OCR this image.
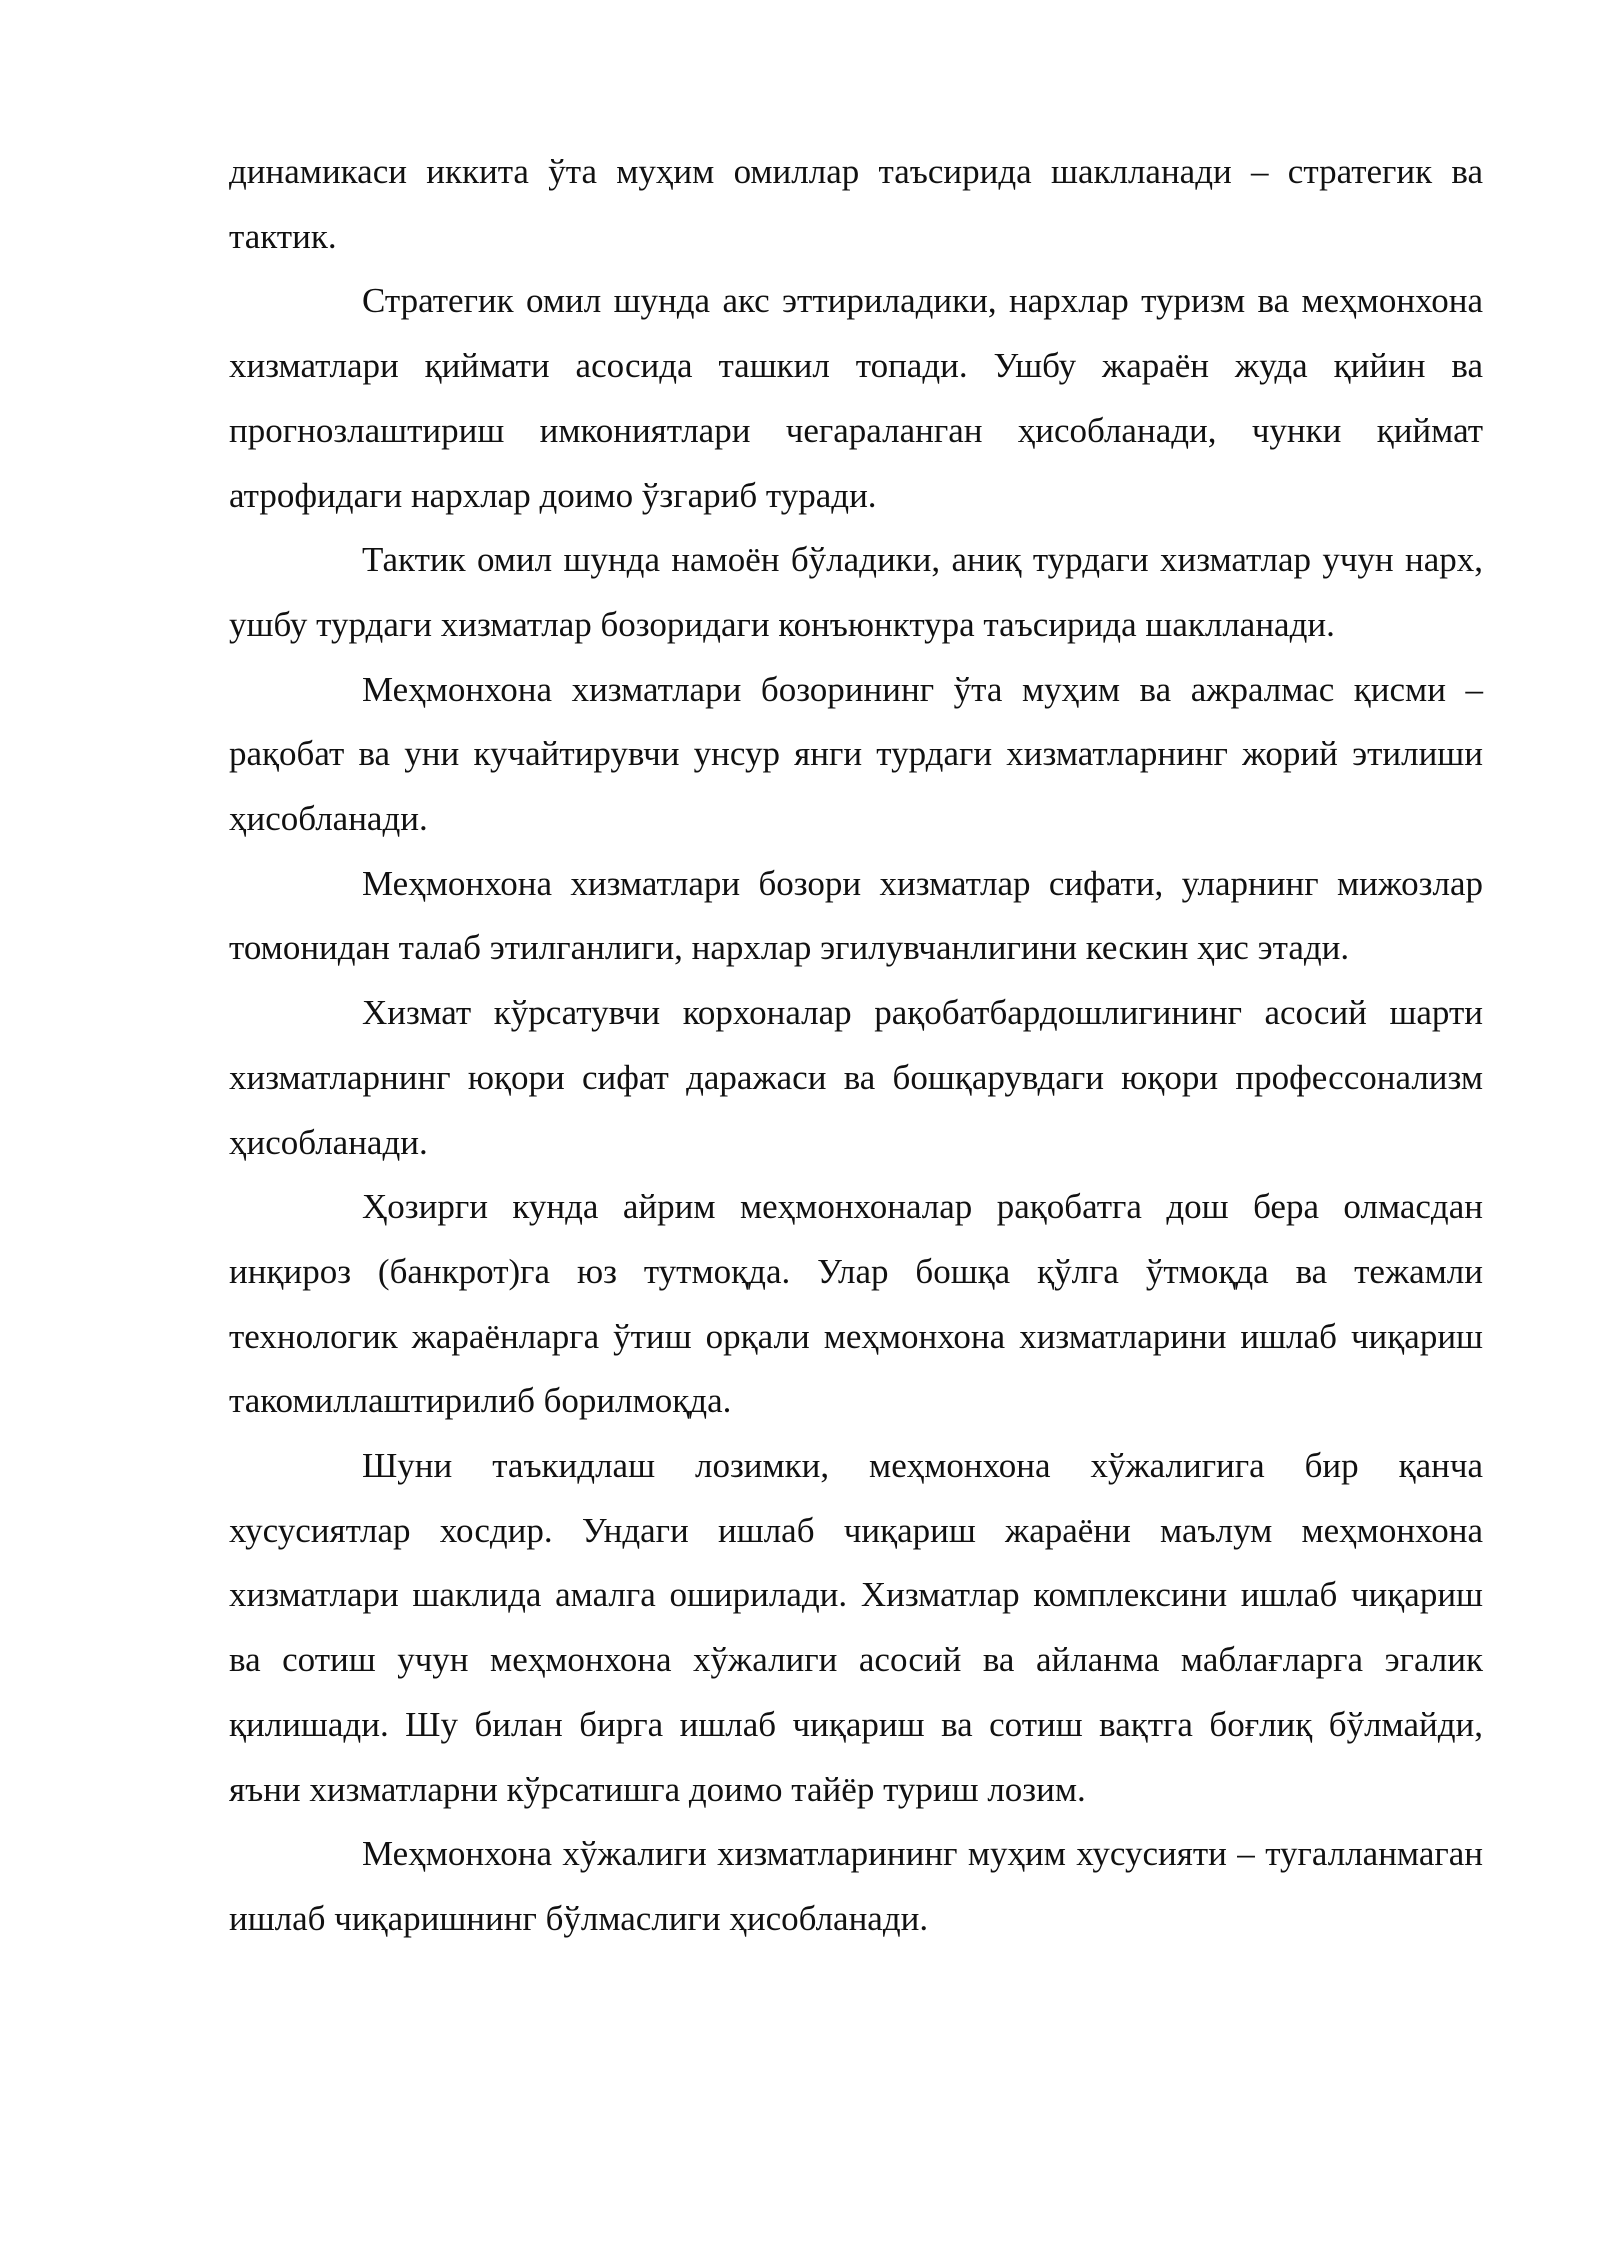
динамикаси иккита ўта муҳим омиллар таъсирида шаклланади – стратегик ва тактик.

Стратегик омил шунда акс эттириладики, нархлар туризм ва меҳмонхона хизматлари қиймати асосида ташкил топади. Ушбу жараён жуда қийин ва прогнозлаштириш имкониятлари чегараланган ҳисобланади, чунки қиймат атрофидаги нархлар доимо ўзгариб туради.

Тактик омил шунда намоён бўладики, аниқ турдаги хизматлар учун нарх, ушбу турдаги хизматлар бозоридаги конъюнктура таъсирида шаклланади.

Меҳмонхона хизматлари бозорининг ўта муҳим ва ажралмас қисми – рақобат ва уни кучайтирувчи унсур янги турдаги хизматларнинг жорий этилиши ҳисобланади.

Меҳмонхона хизматлари бозори хизматлар сифати, уларнинг мижозлар томонидан талаб этилганлиги, нархлар эгилувчанлигини кескин ҳис этади.

Хизмат кўрсатувчи корхоналар рақобатбардошлигининг асосий шарти хизматларнинг юқори сифат даражаси ва бошқарувдаги юқори профессонализм ҳисобланади.

Ҳозирги кунда айрим меҳмонхоналар рақобатга дош бера олмасдан инқироз (банкрот)га юз тутмоқда. Улар бошқа қўлга ўтмоқда ва тежамли технологик жараёнларга ўтиш орқали меҳмонхона хизматларини ишлаб чиқариш такомиллаштирилиб борилмоқда.

Шуни таъкидлаш лозимки, меҳмонхона хўжалигига бир қанча хусусиятлар хосдир. Ундаги ишлаб чиқариш жараёни маълум меҳмонхона хизматлари шаклида амалга оширилади. Хизматлар комплексини ишлаб чиқариш ва сотиш учун меҳмонхона хўжалиги асосий ва айланма маблағларга эгалик қилишади. Шу билан бирга ишлаб чиқариш ва сотиш вақтга боғлиқ бўлмайди, яъни хизматларни кўрсатишга доимо тайёр туриш лозим.

Меҳмонхона хўжалиги хизматларининг муҳим хусусияти – тугалланмаган ишлаб чиқаришнинг бўлмаслиги ҳисобланади.
